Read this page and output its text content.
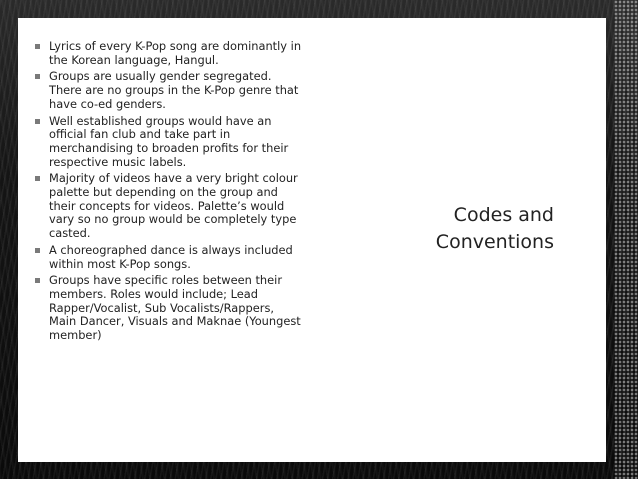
Lyrics of every K-Pop song are dominantly in the Korean language, Hangul.
Groups are usually gender segregated. There are no groups in the K-Pop genre that have co-ed genders.
Well established groups would have an official fan club and take part in merchandising to broaden profits for their respective music labels.
Majority of videos have a very bright colour palette but depending on the group and their concepts for videos. Palette’s would vary so no group would be completely type casted.
A choreographed dance is always included within most K-Pop songs.
Groups have specific roles between their members. Roles would include; Lead Rapper/Vocalist, Sub Vocalists/Rappers, Main Dancer, Visuals and Maknae (Youngest member)
Codes and
Conventions
